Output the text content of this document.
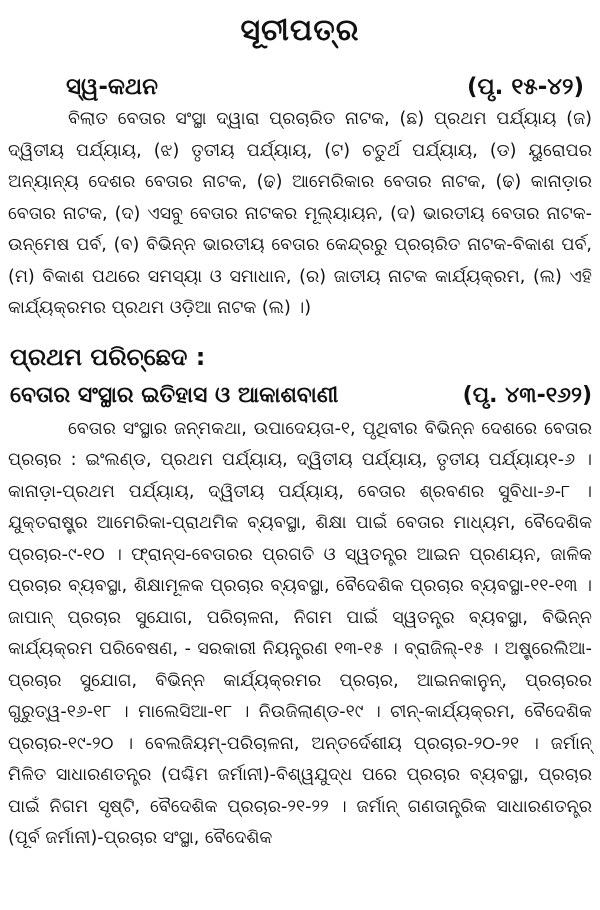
ସୂଚୀପତ୍ର
ସ୍ୱ-କଥନ	(ପୃ. ୧୫-୪୨)

ବିଲାତ ବେତାର ସଂସ୍ଥା ଦ୍ୱାରା ପ୍ରଚାରିତ ନାଟକ, (ଛ) ପ୍ରଥମ ପର୍ଯ୍ୟାୟ (ଜ) ଦ୍ୱିତୀୟ ପର୍ଯ୍ୟାୟ, (ଝ) ତୃତୀୟ ପର୍ଯ୍ୟାୟ, (ଟ) ଚତୁର୍ଥ ପର୍ଯ୍ୟାୟ, (ଡ) ୟୁରୋପର ଅନ୍ୟାନ୍ୟ ଦେଶର ବେତାର ନାଟକ, (ଢ) ଆମେରିକାର ବେତାର ନାଟକ, (ଢ) କାନାଡ଼ାର ବେତାର ନାଟକ, (ଦ) ଏସବୁ ବେତାର ନାଟକର ମୂଲ୍ୟାୟନ, (ଦ) ଭାରତୀୟ ବେତାର ନାଟକ-ଉନ୍ମେଷ ପର୍ବ, (ବ) ବିଭିନ୍ନ ଭାରତୀୟ ବେତାର କେନ୍ଦ୍ରରୁ ପ୍ରଚାରିତ ନାଟକ-ବିକାଶ ପର୍ବ, (ମ) ବିକାଶ ପଥରେ ସମସ୍ୟା ଓ ସମାଧାନ, (ର) ଜାତୀୟ ନାଟକ କାର୍ଯ୍ୟକ୍ରମ, (ଲ) ଏହି କାର୍ଯ୍ୟକ୍ରମର ପ୍ରଥମ ଓଡ଼ିଆ ନାଟକ (ଲ) ।)

ପ୍ରଥମ ପରିଚ୍ଛେଦ :
ବେତାର ସଂସ୍ଥାର ଇତିହାସ ଓ ଆକାଶବାଣୀ	(ପୃ. ୪୩-୧୬୨)

ବେତାର ସଂସ୍ଥାର ଜନ୍ମକଥା, ଉପାଦେୟତା-୧, ପୃଥିବୀର ବିଭିନ୍ନ ଦେଶରେ ବେତାର ପ୍ରଚାର : ଇଂଲଣ୍ଡ, ପ୍ରଥମ ପର୍ଯ୍ୟାୟ, ଦ୍ୱିତୀୟ ପର୍ଯ୍ୟାୟ, ତୃତୀୟ ପର୍ଯ୍ୟାୟ୧-୬ । କାନାଡ଼ା-ପ୍ରଥମ ପର୍ଯ୍ୟାୟ, ଦ୍ୱିତୀୟ ପର୍ଯ୍ୟାୟ, ବେତାର ଶ୍ରବଣର ସୁବିଧା-୬-୮ । ଯୁକ୍ତରାଷ୍ଟ୍ର ଆମେରିକା-ପ୍ରାଥମିକ ବ୍ୟବସ୍ଥା, ଶିକ୍ଷା ପାଇଁ ବେତାର ମାଧ୍ୟମ, ବୈଦେଶିକ ପ୍ରଚାର-୯-୧୦ । ଫ୍ରାନ୍ସ-ବେତାରର ପ୍ରଗତି ଓ ସ୍ୱତନ୍ତ୍ର ଆଇନ ପ୍ରଣୟନ, ଜାଳିକ ପ୍ରଚାର ବ୍ୟବସ୍ଥା, ଶିକ୍ଷାମୂଳକ ପ୍ରଚାର ବ୍ୟବସ୍ଥା, ବୈଦେଶିକ ପ୍ରଚାର ବ୍ୟବସ୍ଥା-୧୧-୧୩ । ଜାପାନ୍ ପ୍ରଚାର ସୁଯୋଗ, ପରିଚାଳନା, ନିଗମ ପାଇଁ ସ୍ୱତନ୍ତ୍ର ବ୍ୟବସ୍ଥା, ବିଭିନ୍ନ କାର୍ଯ୍ୟକ୍ରମ ପରିବେଷଣ, - ସରକାରୀ ନିୟନ୍ତ୍ରଣ ୧୩-୧୫ । ବ୍ରାଜିଲ୍-୧୫ । ଅଷ୍ଟ୍ରେଲିଆ-ପ୍ରଚାର ସୁଯୋଗ, ବିଭିନ୍ନ କାର୍ଯ୍ୟକ୍ରମର ପ୍ରଚାର, ଆଇନକାନୁନ୍, ପ୍ରଚାରର ଗୁରୁତ୍ୱ-୧୬-୧୮ । ମାଲେସିଆ-୧୮ । ନିଉଜିଲାଣ୍ଡ-୧୯ । ଚୀନ୍-କାର୍ଯ୍ୟକ୍ରମ, ବୈଦେଶିକ ପ୍ରଚାର-୧୯-୨୦ । ବେଲଜିୟମ୍-ପରିଚାଳନା, ଅନ୍ତର୍ଦେଶୀୟ ପ୍ରଚାର-୨୦-୨୧ । ଜର୍ମାନ୍ ମିଳିତ ସାଧାରଣତନ୍ତ୍ର (ପଶ୍ଚିମ ଜର୍ମାନୀ)-ବିଶ୍ୱଯୁଦ୍ଧ ପରେ ପ୍ରଚାର ବ୍ୟବସ୍ଥା, ପ୍ରଚାର ପାଇଁ ନିଗମ ସୃଷ୍ଟି, ବୈଦେଶିକ ପ୍ରଚାର-୨୧-୨୨ । ଜର୍ମାନ୍ ଗଣତାନ୍ତ୍ରିକ ସାଧାରଣତନ୍ତ୍ର (ପୂର୍ବ ଜର୍ମାନୀ)-ପ୍ରଚାର ସଂସ୍ଥା, ବୈଦେଶିକ
